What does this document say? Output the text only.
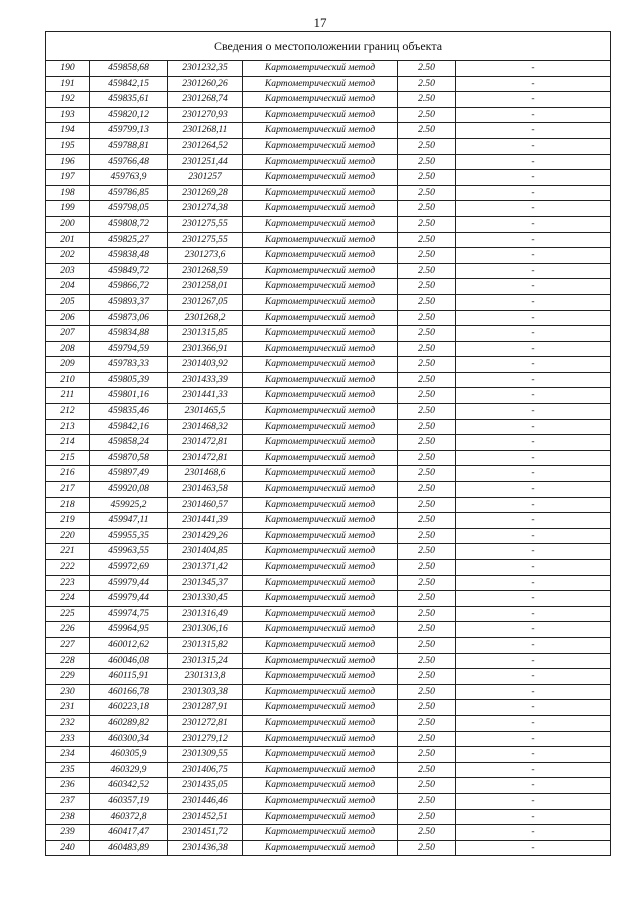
17
Сведения о местоположении границ объекта					
190	459858,68	2301232,35	Картометрический метод	2.50	-
191	459842,15	2301260,26	Картометрический метод	2.50	-
192	459835,61	2301268,74	Картометрический метод	2.50	-
193	459820,12	2301270,93	Картометрический метод	2.50	-
194	459799,13	2301268,11	Картометрический метод	2.50	-
195	459788,81	2301264,52	Картометрический метод	2.50	-
196	459766,48	2301251,44	Картометрический метод	2.50	-
197	459763,9	2301257	Картометрический метод	2.50	-
198	459786,85	2301269,28	Картометрический метод	2.50	-
199	459798,05	2301274,38	Картометрический метод	2.50	-
200	459808,72	2301275,55	Картометрический метод	2.50	-
201	459825,27	2301275,55	Картометрический метод	2.50	-
202	459838,48	2301273,6	Картометрический метод	2.50	-
203	459849,72	2301268,59	Картометрический метод	2.50	-
204	459866,72	2301258,01	Картометрический метод	2.50	-
205	459893,37	2301267,05	Картометрический метод	2.50	-
206	459873,06	2301268,2	Картометрический метод	2.50	-
207	459834,88	2301315,85	Картометрический метод	2.50	-
208	459794,59	2301366,91	Картометрический метод	2.50	-
209	459783,33	2301403,92	Картометрический метод	2.50	-
210	459805,39	2301433,39	Картометрический метод	2.50	-
211	459801,16	2301441,33	Картометрический метод	2.50	-
212	459835,46	2301465,5	Картометрический метод	2.50	-
213	459842,16	2301468,32	Картометрический метод	2.50	-
214	459858,24	2301472,81	Картометрический метод	2.50	-
215	459870,58	2301472,81	Картометрический метод	2.50	-
216	459897,49	2301468,6	Картометрический метод	2.50	-
217	459920,08	2301463,58	Картометрический метод	2.50	-
218	459925,2	2301460,57	Картометрический метод	2.50	-
219	459947,11	2301441,39	Картометрический метод	2.50	-
220	459955,35	2301429,26	Картометрический метод	2.50	-
221	459963,55	2301404,85	Картометрический метод	2.50	-
222	459972,69	2301371,42	Картометрический метод	2.50	-
223	459979,44	2301345,37	Картометрический метод	2.50	-
224	459979,44	2301330,45	Картометрический метод	2.50	-
225	459974,75	2301316,49	Картометрический метод	2.50	-
226	459964,95	2301306,16	Картометрический метод	2.50	-
227	460012,62	2301315,82	Картометрический метод	2.50	-
228	460046,08	2301315,24	Картометрический метод	2.50	-
229	460115,91	2301313,8	Картометрический метод	2.50	-
230	460166,78	2301303,38	Картометрический метод	2.50	-
231	460223,18	2301287,91	Картометрический метод	2.50	-
232	460289,82	2301272,81	Картометрический метод	2.50	-
233	460300,34	2301279,12	Картометрический метод	2.50	-
234	460305,9	2301309,55	Картометрический метод	2.50	-
235	460329,9	2301406,75	Картометрический метод	2.50	-
236	460342,52	2301435,05	Картометрический метод	2.50	-
237	460357,19	2301446,46	Картометрический метод	2.50	-
238	460372,8	2301452,51	Картометрический метод	2.50	-
239	460417,47	2301451,72	Картометрический метод	2.50	-
240	460483,89	2301436,38	Картометрический метод	2.50	-
